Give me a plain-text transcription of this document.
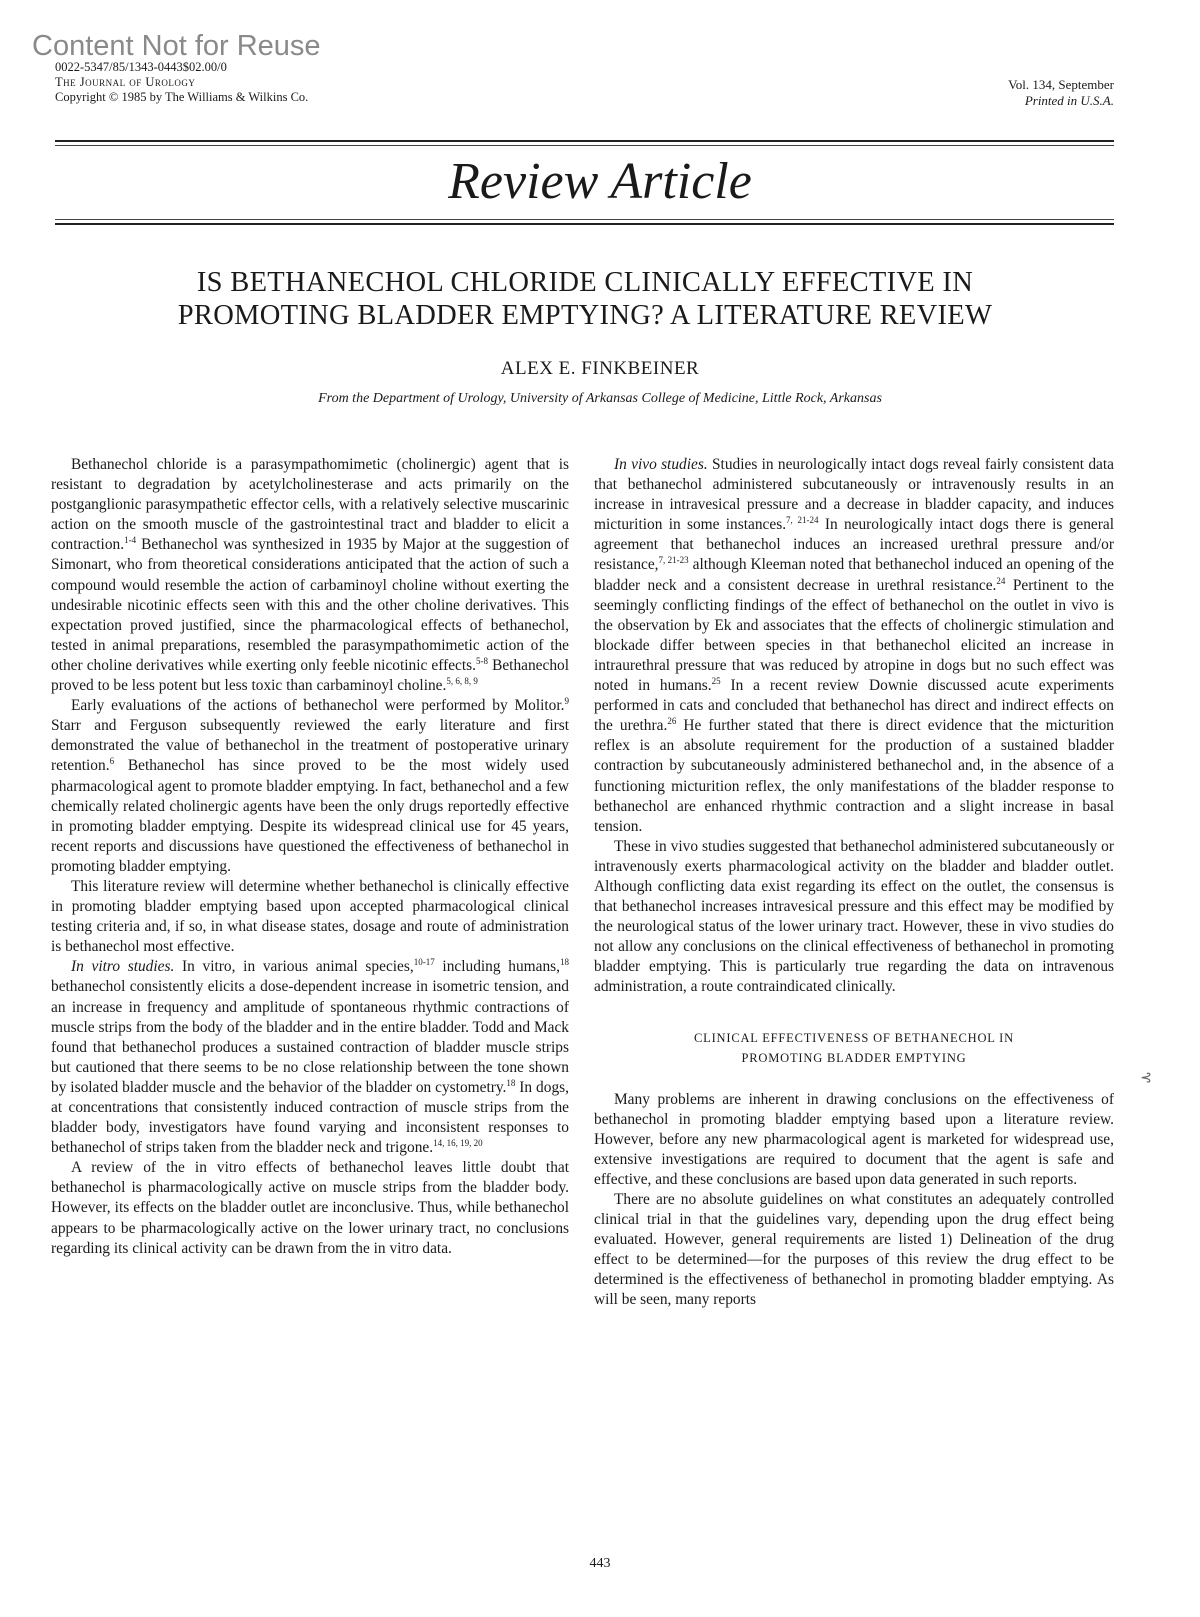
Content Not for Reuse
0022-5347/85/1343-0443$02.00/0
The Journal of Urology
Copyright © 1985 by The Williams & Wilkins Co.
Vol. 134, September
Printed in U.S.A.
Review Article
IS BETHANECHOL CHLORIDE CLINICALLY EFFECTIVE IN
PROMOTING BLADDER EMPTYING? A LITERATURE REVIEW
ALEX E. FINKBEINER
From the Department of Urology, University of Arkansas College of Medicine, Little Rock, Arkansas

Bethanechol chloride is a parasympathomimetic (cholinergic) agent that is resistant to degradation by acetylcholinesterase and acts primarily on the postganglionic parasympathetic effector cells, with a relatively selective muscarinic action on the smooth muscle of the gastrointestinal tract and bladder to elicit a contraction.$^{1-4}$ Bethanechol was synthesized in 1935 by Major at the suggestion of Simonart, who from theoretical considerations anticipated that the action of such a compound would resemble the action of carbaminoyl choline without exerting the undesirable nicotinic effects seen with this and the other choline derivatives. This expectation proved justified, since the pharmacological effects of bethanechol, tested in animal preparations, resembled the parasympathomimetic action of the other choline derivatives while exerting only feeble nicotinic effects.$^{5-8}$ Bethanechol proved to be less potent but less toxic than carbaminoyl choline.$^{5, 6, 8, 9}$

Early evaluations of the actions of bethanechol were performed by Molitor.$^9$ Starr and Ferguson subsequently reviewed the early literature and first demonstrated the value of bethanechol in the treatment of postoperative urinary retention.$^6$ Bethanechol has since proved to be the most widely used pharmacological agent to promote bladder emptying. In fact, bethanechol and a few chemically related cholinergic agents have been the only drugs reportedly effective in promoting bladder emptying. Despite its widespread clinical use for 45 years, recent reports and discussions have questioned the effectiveness of bethanechol in promoting bladder emptying.

This literature review will determine whether bethanechol is clinically effective in promoting bladder emptying based upon accepted pharmacological clinical testing criteria and, if so, in what disease states, dosage and route of administration is bethanechol most effective.

In vitro studies. In vitro, in various animal species,$^{10-17}$ including humans,$^{18}$ bethanechol consistently elicits a dose-dependent increase in isometric tension, and an increase in frequency and amplitude of spontaneous rhythmic contractions of muscle strips from the body of the bladder and in the entire bladder. Todd and Mack found that bethanechol produces a sustained contraction of bladder muscle strips but cautioned that there seems to be no close relationship between the tone shown by isolated bladder muscle and the behavior of the bladder on cystometry.$^{18}$ In dogs, at concentrations that consistently induced contraction of muscle strips from the bladder body, investigators have found varying and inconsistent responses to bethanechol of strips taken from the bladder neck and trigone.$^{14, 16, 19, 20}$

A review of the in vitro effects of bethanechol leaves little doubt that bethanechol is pharmacologically active on muscle strips from the bladder body. However, its effects on the bladder outlet are inconclusive. Thus, while bethanechol appears to be pharmacologically active on the lower urinary tract, no conclusions regarding its clinical activity can be drawn from the in vitro data.

In vivo studies. Studies in neurologically intact dogs reveal fairly consistent data that bethanechol administered subcutaneously or intravenously results in an increase in intravesical pressure and a decrease in bladder capacity, and induces micturition in some instances.$^{7, 21-24}$ In neurologically intact dogs there is general agreement that bethanechol induces an increased urethral pressure and/or resistance,$^{7, 21-23}$ although Kleeman noted that bethanechol induced an opening of the bladder neck and a consistent decrease in urethral resistance.$^{24}$ Pertinent to the seemingly conflicting findings of the effect of bethanechol on the outlet in vivo is the observation by Ek and associates that the effects of cholinergic stimulation and blockade differ between species in that bethanechol elicited an increase in intraurethral pressure that was reduced by atropine in dogs but no such effect was noted in humans.$^{25}$ In a recent review Downie discussed acute experiments performed in cats and concluded that bethanechol has direct and indirect effects on the urethra.$^{26}$ He further stated that there is direct evidence that the micturition reflex is an absolute requirement for the production of a sustained bladder contraction by subcutaneously administered bethanechol and, in the absence of a functioning micturition reflex, the only manifestations of the bladder response to bethanechol are enhanced rhythmic contraction and a slight increase in basal tension.

These in vivo studies suggested that bethanechol administered subcutaneously or intravenously exerts pharmacological activity on the bladder and bladder outlet. Although conflicting data exist regarding its effect on the outlet, the consensus is that bethanechol increases intravesical pressure and this effect may be modified by the neurological status of the lower urinary tract. However, these in vivo studies do not allow any conclusions on the clinical effectiveness of bethanechol in promoting bladder emptying. This is particularly true regarding the data on intravenous administration, a route contraindicated clinically.

CLINICAL EFFECTIVENESS OF BETHANECHOL IN
PROMOTING BLADDER EMPTYING

Many problems are inherent in drawing conclusions on the effectiveness of bethanechol in promoting bladder emptying based upon a literature review. However, before any new pharmacological agent is marketed for widespread use, extensive investigations are required to document that the agent is safe and effective, and these conclusions are based upon data generated in such reports.

There are no absolute guidelines on what constitutes an adequately controlled clinical trial in that the guidelines vary, depending upon the drug effect being evaluated. However, general requirements are listed 1) Delineation of the drug effect to be determined—for the purposes of this review the drug effect to be determined is the effectiveness of bethanechol in promoting bladder emptying. As will be seen, many reports

⊰
443
